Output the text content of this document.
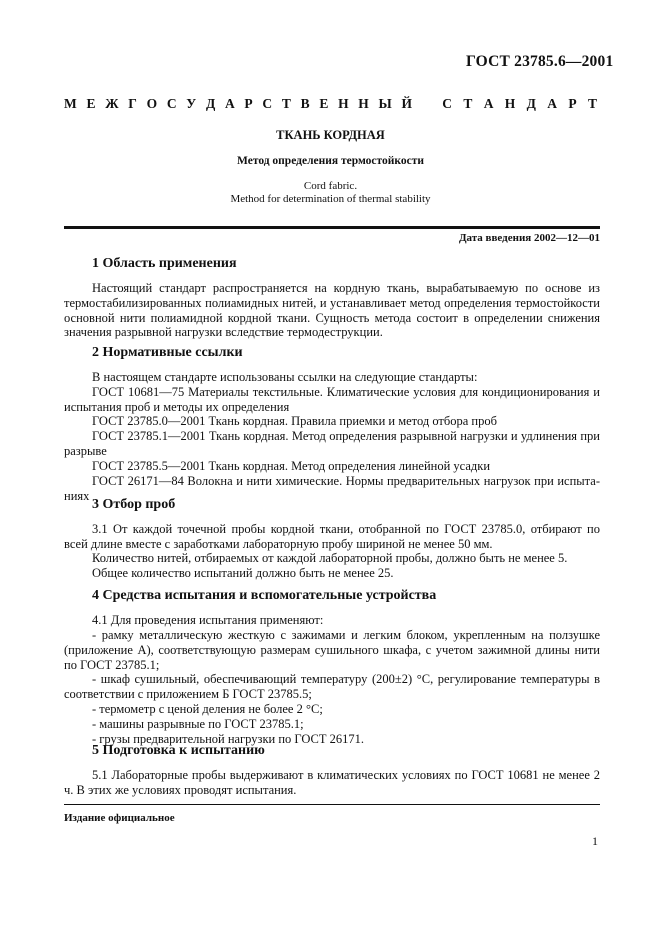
ГОСТ 23785.6—2001
М Е Ж Г О С У Д А Р С Т В Е Н Н Ы Й С Т А Н Д А Р Т
ТКАНЬ КОРДНАЯ
Метод определения термостойкости
Cord fabric.
Method for determination of thermal stability
Дата введения 2002—12—01
1 Область применения
Настоящий стандарт распространяется на кордную ткань, вырабатываемую по основе из термостабилизированных полиамидных нитей, и устанавливает метод определения термостойкости основной нити полиамидной кордной ткани. Сущность метода состоит в определении снижения значения разрывной нагрузки вследствие термодеструкции.
2 Нормативные ссылки
В настоящем стандарте использованы ссылки на следующие стандарты:
ГОСТ 10681—75 Материалы текстильные. Климатические условия для кондиционирования и испытания проб и методы их определения
ГОСТ 23785.0—2001 Ткань кордная. Правила приемки и метод отбора проб
ГОСТ 23785.1—2001 Ткань кордная. Метод определения разрывной нагрузки и удлинения при разрыве
ГОСТ 23785.5—2001 Ткань кордная. Метод определения линейной усадки
ГОСТ 26171—84 Волокна и нити химические. Нормы предварительных нагрузок при испыта-ниях
3 Отбор проб
3.1 От каждой точечной пробы кордной ткани, отобранной по ГОСТ 23785.0, отбирают по всей длине вместе с заработками лабораторную пробу шириной не менее 50 мм.
Количество нитей, отбираемых от каждой лабораторной пробы, должно быть не менее 5.
Общее количество испытаний должно быть не менее 25.
4 Средства испытания и вспомогательные устройства
4.1 Для проведения испытания применяют:
- рамку металлическую жесткую с зажимами и легким блоком, укрепленным на ползушке (приложение А), соответствующую размерам сушильного шкафа, с учетом зажимной длины нити по ГОСТ 23785.1;
- шкаф сушильный, обеспечивающий температуру (200±2) °С, регулирование температуры в соответствии с приложением Б ГОСТ 23785.5;
- термометр с ценой деления не более 2 °С;
- машины разрывные по ГОСТ 23785.1;
- грузы предварительной нагрузки по ГОСТ 26171.
5 Подготовка к испытанию
5.1 Лабораторные пробы выдерживают в климатических условиях по ГОСТ 10681 не менее 2 ч. В этих же условиях проводят испытания.
Издание официальное
1
